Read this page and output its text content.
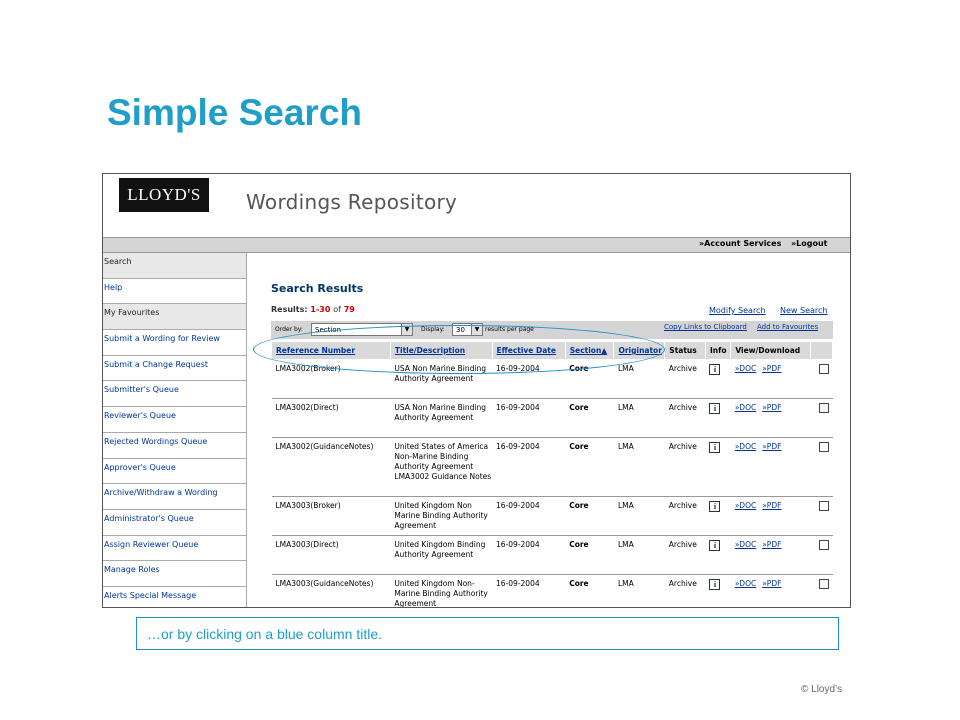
Simple Search
LLOYD'S	Wordings Repository
»Account Services »Logout
Search
Help
My Favourites
Submit a Wording for Review
Submit a Change Request
Submitter's Queue
Reviewer's Queue
Rejected Wordings Queue
Approver's Queue
Archive/Withdraw a Wording
Administrator's Queue
Assign Reviewer Queue
Manage Roles
Alerts Special Message
Search Results
Results: 1-30 of 79	Modify Search New Search
Order by:	Section	▼	Display:	30	▼ results per page	Copy Links to Clipboard Add to Favourites
Reference Number	Title/Description	Effective Date	Section▲	Originator	Status	Info	View/Download	
LMA3002(Broker)	USA Non Marine Binding Authority Agreement	16-09-2004	Core	LMA	Archive	i	»DOC »PDF	
LMA3002(Direct)	USA Non Marine Binding Authority Agreement	16-09-2004	Core	LMA	Archive	i	»DOC »PDF	
LMA3002(GuidanceNotes)	United States of America Non-Marine Binding Authority Agreement LMA3002 Guidance Notes	16-09-2004	Core	LMA	Archive	i	»DOC »PDF	
LMA3003(Broker)	United Kingdom Non Marine Binding Authority Agreement	16-09-2004	Core	LMA	Archive	i	»DOC »PDF	
LMA3003(Direct)	United Kingdom Binding Authority Agreement	16-09-2004	Core	LMA	Archive	i	»DOC »PDF	
LMA3003(GuidanceNotes)	United Kingdom Non-Marine Binding Authority Agreement	16-09-2004	Core	LMA	Archive	i	»DOC »PDF	
…or by clicking on a blue column title.
© Lloyd’s
